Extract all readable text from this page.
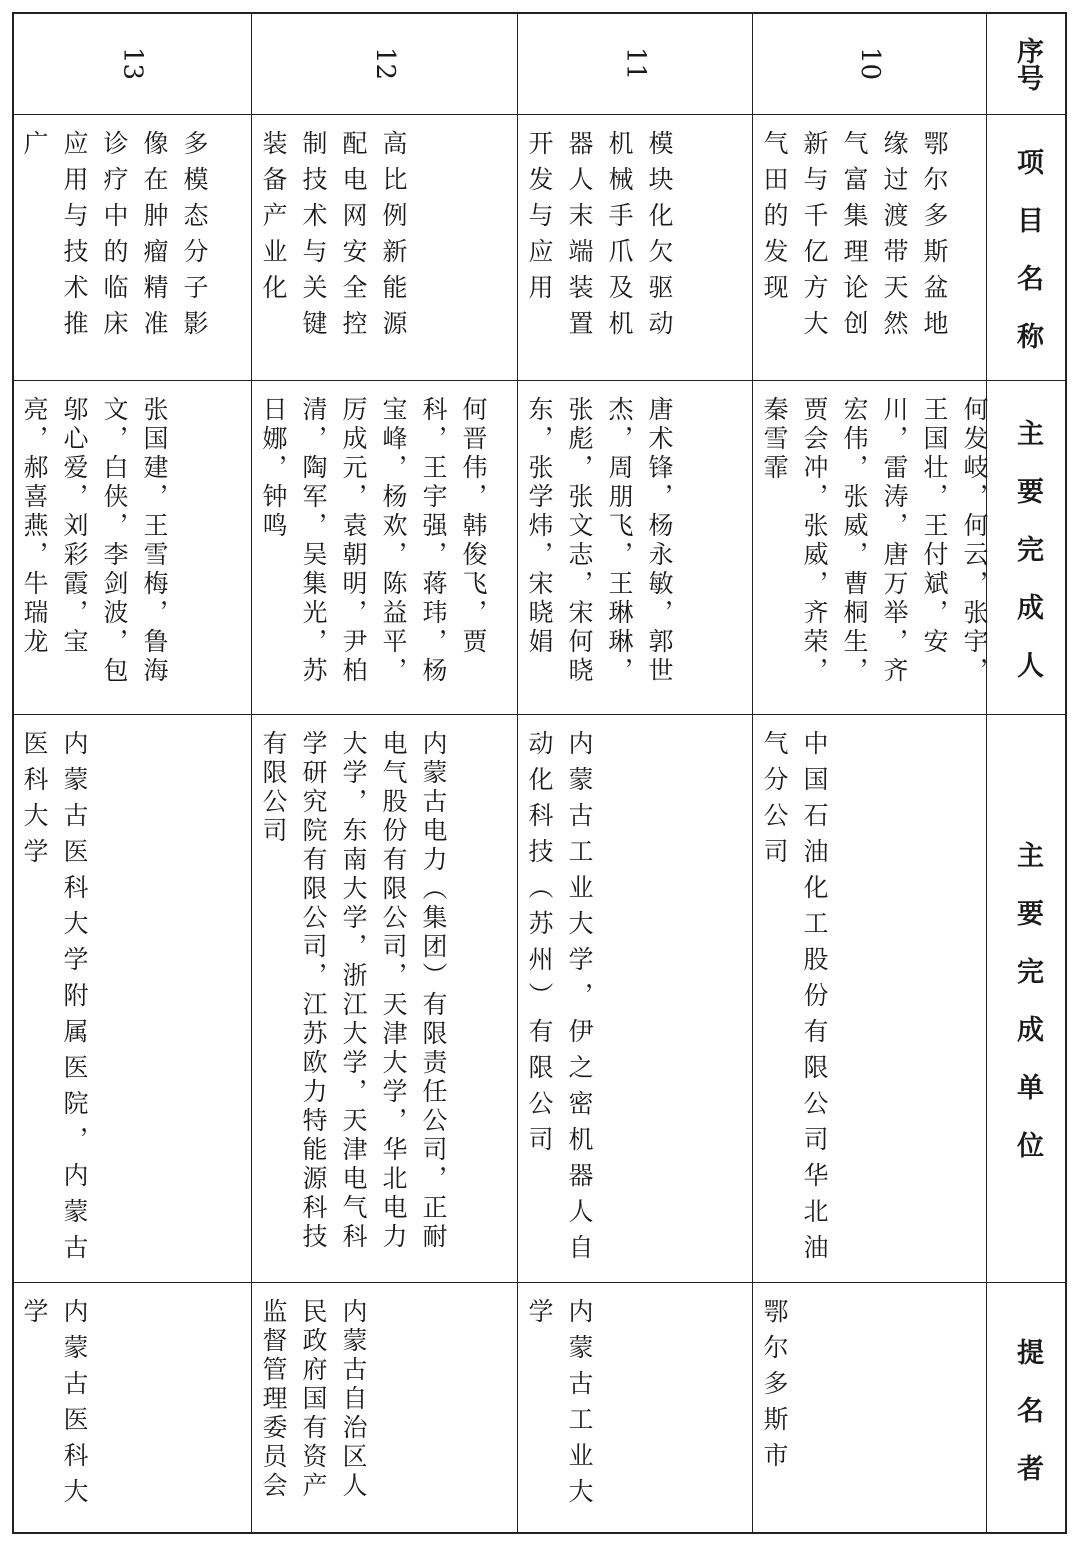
序号
项 目 名 称
主 要 完 成 人
主 要 完 成 单 位
提 名 者
10
鄂尔多斯盆地缘过渡带天然气富集理论创新与千亿方大气田的发现
何发岐，何云，张宇，王国壮，王付斌，安川，雷涛，唐万举，齐宏伟，张威，曹桐生，贾会冲，张威，齐荣，秦雪霏
中国石油化工股份有限公司华北油气分公司
鄂尔多斯市
11
模块化欠驱动机械手爪及机器人末端装置开发与应用
唐术锋，杨永敏，郭世杰，周朋飞，王琳琳，张彪，张文志，宋何晓东，张学炜，宋晓娟
内蒙古工业大学，伊之密机器人自动化科技（苏州）有限公司
内蒙古工业大学
12
高比例新能源配电网安全控制技术与关键装备产业化
何晋伟，韩俊飞，贾科，王宇强，蒋玮，杨宝峰，杨欢，陈益平，厉成元，袁朝明，尹柏清，陶军，吴集光，苏日娜，钟鸣
内蒙古电力（集团）有限责任公司，正耐电气股份有限公司，天津大学，华北电力大学，东南大学，浙江大学，天津电气科学研究院有限公司，江苏欧力特能源科技有限公司
内蒙古自治区人民政府国有资产监督管理委员会
13
多模态分子影像在肿瘤精准诊疗中的临床应用与技术推广
张国建，王雪梅，鲁海文，白侠，李剑波，包邬心爱，刘彩霞，宝亮，郝喜燕，牛瑞龙
内蒙古医科大学附属医院，内蒙古医科大学
内蒙古医科大学
